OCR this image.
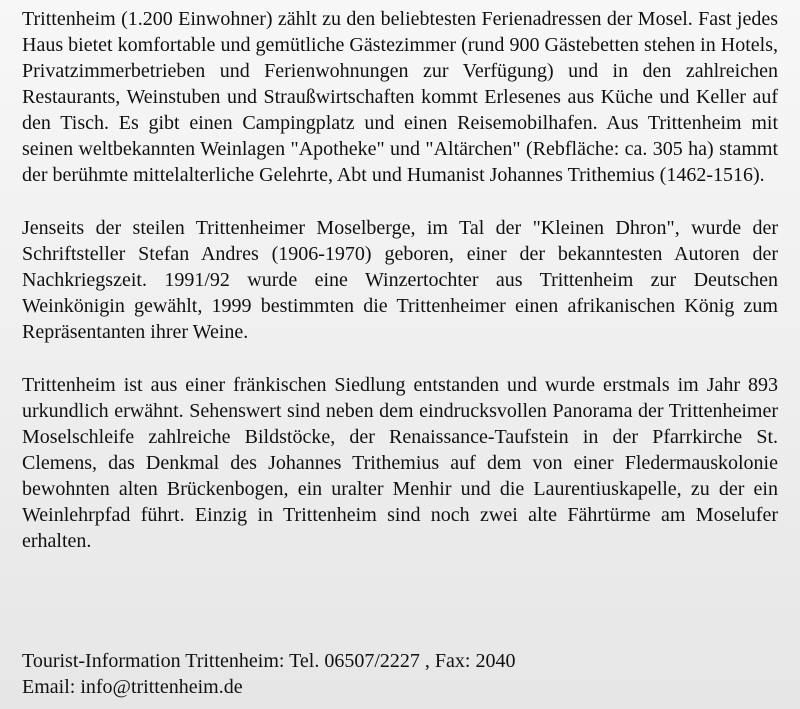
Trittenheim (1.200 Einwohner) zählt zu den beliebtesten Ferienadressen der Mosel. Fast jedes Haus bietet komfortable und gemütliche Gästezimmer (rund 900 Gästebetten stehen in Hotels, Privatzimmerbetrieben und Ferienwohnungen zur Verfügung) und in den zahlreichen Restaurants, Weinstuben und Straußwirtschaften kommt Erlesenes aus Küche und Keller auf den Tisch. Es gibt einen Campingplatz und einen Reisemobilhafen. Aus Trittenheim mit seinen weltbekannten Weinlagen "Apotheke" und "Altärchen" (Rebfläche: ca. 305 ha) stammt der berühmte mittelalterliche Gelehrte, Abt und Humanist Johannes Trithemius (1462-1516).

Jenseits der steilen Trittenheimer Moselberge, im Tal der "Kleinen Dhron", wurde der Schriftsteller Stefan Andres (1906-1970) geboren, einer der bekanntesten Autoren der Nachkriegszeit. 1991/92 wurde eine Winzertochter aus Trittenheim zur Deutschen Weinkönigin gewählt, 1999 bestimmten die Trittenheimer einen afrikanischen König zum Repräsentanten ihrer Weine.

Trittenheim ist aus einer fränkischen Siedlung entstanden und wurde erstmals im Jahr 893 urkundlich erwähnt. Sehenswert sind neben dem eindrucksvollen Panorama der Trittenheimer Moselschleife zahlreiche Bildstöcke, der Renaissance-Taufstein in der Pfarrkirche St. Clemens, das Denkmal des Johannes Trithemius auf dem von einer Fledermauskolonie bewohnten alten Brückenbogen, ein uralter Menhir und die Laurentiuskapelle, zu der ein Weinlehrpfad führt. Einzig in Trittenheim sind noch zwei alte Fährtürme am Moselufer erhalten.

Tourist-Information Trittenheim: Tel. 06507/2227 , Fax: 2040

Email: info@trittenheim.de
